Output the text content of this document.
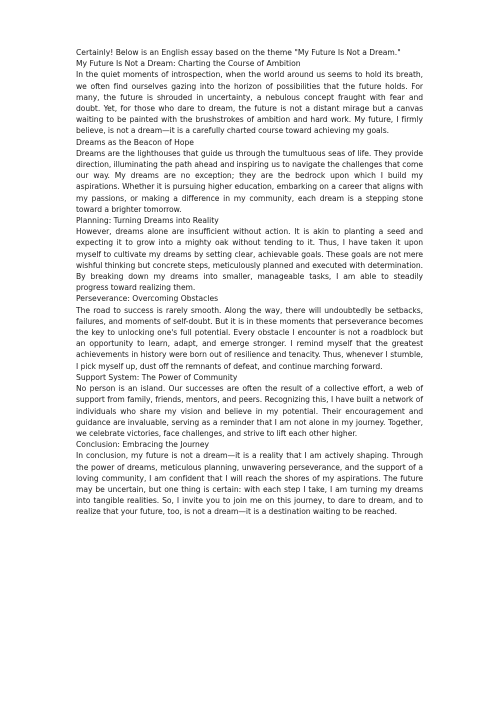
Certainly! Below is an English essay based on the theme "My Future Is Not a Dream."
My Future Is Not a Dream: Charting the Course of Ambition

In the quiet moments of introspection, when the world around us seems to hold its breath, we often find ourselves gazing into the horizon of possibilities that the future holds. For many, the future is shrouded in uncertainty, a nebulous concept fraught with fear and doubt. Yet, for those who dare to dream, the future is not a distant mirage but a canvas waiting to be painted with the brushstrokes of ambition and hard work. My future, I firmly believe, is not a dream—it is a carefully charted course toward achieving my goals.

Dreams as the Beacon of Hope

Dreams are the lighthouses that guide us through the tumultuous seas of life. They provide direction, illuminating the path ahead and inspiring us to navigate the challenges that come our way. My dreams are no exception; they are the bedrock upon which I build my aspirations. Whether it is pursuing higher education, embarking on a career that aligns with my passions, or making a difference in my community, each dream is a stepping stone toward a brighter tomorrow.

Planning: Turning Dreams into Reality

However, dreams alone are insufficient without action. It is akin to planting a seed and expecting it to grow into a mighty oak without tending to it. Thus, I have taken it upon myself to cultivate my dreams by setting clear, achievable goals. These goals are not mere wishful thinking but concrete steps, meticulously planned and executed with determination. By breaking down my dreams into smaller, manageable tasks, I am able to steadily progress toward realizing them.

Perseverance: Overcoming Obstacles

The road to success is rarely smooth. Along the way, there will undoubtedly be setbacks, failures, and moments of self-doubt. But it is in these moments that perseverance becomes the key to unlocking one's full potential. Every obstacle I encounter is not a roadblock but an opportunity to learn, adapt, and emerge stronger. I remind myself that the greatest achievements in history were born out of resilience and tenacity. Thus, whenever I stumble, I pick myself up, dust off the remnants of defeat, and continue marching forward.

Support System: The Power of Community

No person is an island. Our successes are often the result of a collective effort, a web of support from family, friends, mentors, and peers. Recognizing this, I have built a network of individuals who share my vision and believe in my potential. Their encouragement and guidance are invaluable, serving as a reminder that I am not alone in my journey. Together, we celebrate victories, face challenges, and strive to lift each other higher.

Conclusion: Embracing the Journey

In conclusion, my future is not a dream—it is a reality that I am actively shaping. Through the power of dreams, meticulous planning, unwavering perseverance, and the support of a loving community, I am confident that I will reach the shores of my aspirations. The future may be uncertain, but one thing is certain: with each step I take, I am turning my dreams into tangible realities. So, I invite you to join me on this journey, to dare to dream, and to realize that your future, too, is not a dream—it is a destination waiting to be reached.
